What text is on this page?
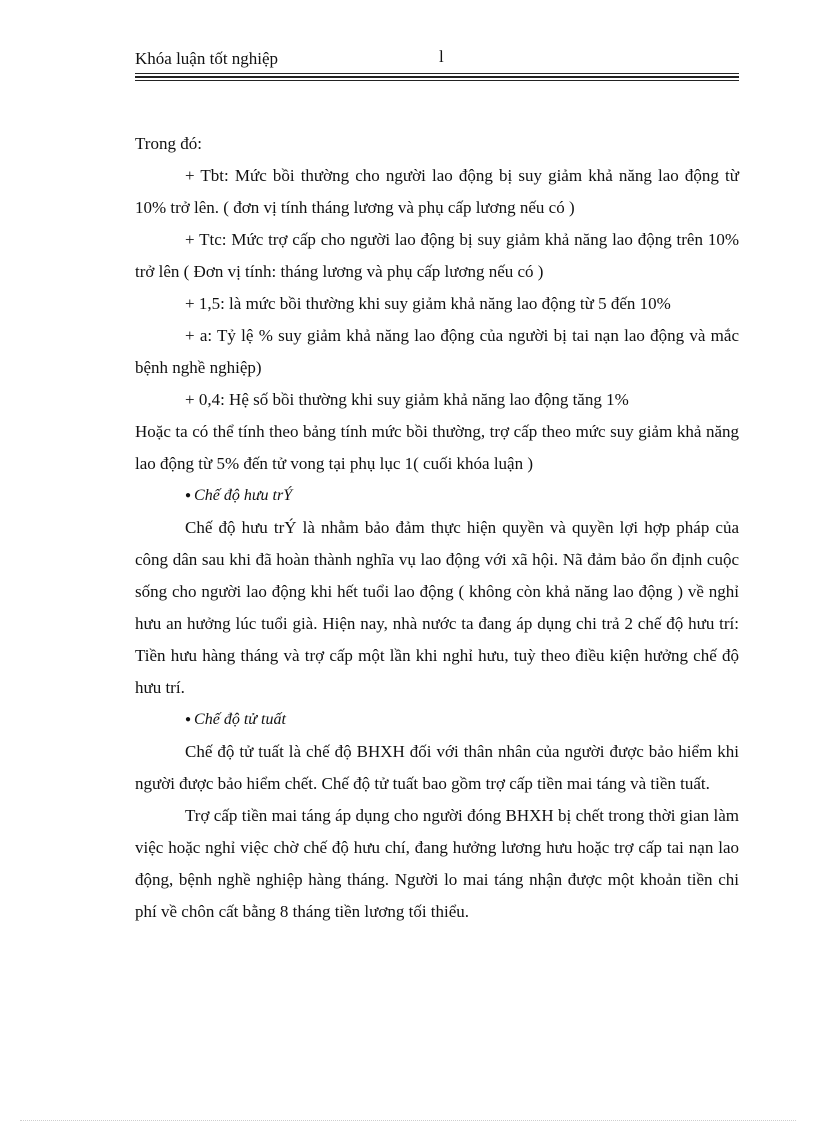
Khóa luận tốt nghiệp	l

Trong đó:

+ Tbt: Mức bồi thường cho người lao động bị suy giảm khả năng lao động từ 10% trở lên. ( đơn vị tính tháng lương và phụ cấp lương nếu có )

+ Ttc: Mức trợ cấp cho người lao động bị suy giảm khả năng lao động trên 10% trở lên ( Đơn vị tính: tháng lương và phụ cấp lương nếu có )

+ 1,5: là mức bồi thường khi suy giảm khả năng lao động từ 5 đến 10%

+ a: Tỷ lệ % suy giảm khả năng lao động của người bị tai nạn lao động và mắc bệnh nghề nghiệp)

+ 0,4: Hệ số bồi thường khi suy giảm khả năng lao động tăng 1%

Hoặc ta có thể tính theo bảng tính mức bồi thường, trợ cấp theo mức suy giảm khả năng lao động từ 5% đến tử vong tại phụ lục 1( cuối khóa luận )

● Chế độ hưu trÝ

Chế độ hưu trÝ là nhằm bảo đảm thực hiện quyền và quyền lợi hợp pháp của công dân sau khi đã hoàn thành nghĩa vụ lao động với xã hội. Nã đảm bảo ổn định cuộc sống cho người lao động khi hết tuổi lao động ( không còn khả năng lao động ) về nghỉ hưu an hưởng lúc tuổi già. Hiện nay, nhà nước ta đang áp dụng chi trả 2 chế độ hưu trí: Tiền hưu hàng tháng và trợ cấp một lần khi nghỉ hưu, tuỳ theo điều kiện hưởng chế độ hưu trí.

● Chế độ tử tuất

Chế độ tử tuất là chế độ BHXH đối với thân nhân của người được bảo hiểm khi người được bảo hiểm chết. Chế độ tử tuất bao gồm trợ cấp tiền mai táng và tiền tuất.

Trợ cấp tiền mai táng áp dụng cho người đóng BHXH bị chết trong thời gian làm việc hoặc nghỉ việc chờ chế độ hưu chí, đang hưởng lương hưu hoặc trợ cấp tai nạn lao động, bệnh nghề nghiệp hàng tháng. Người lo mai táng nhận được một khoản tiền chi phí về chôn cất bằng 8 tháng tiền lương tối thiểu.
